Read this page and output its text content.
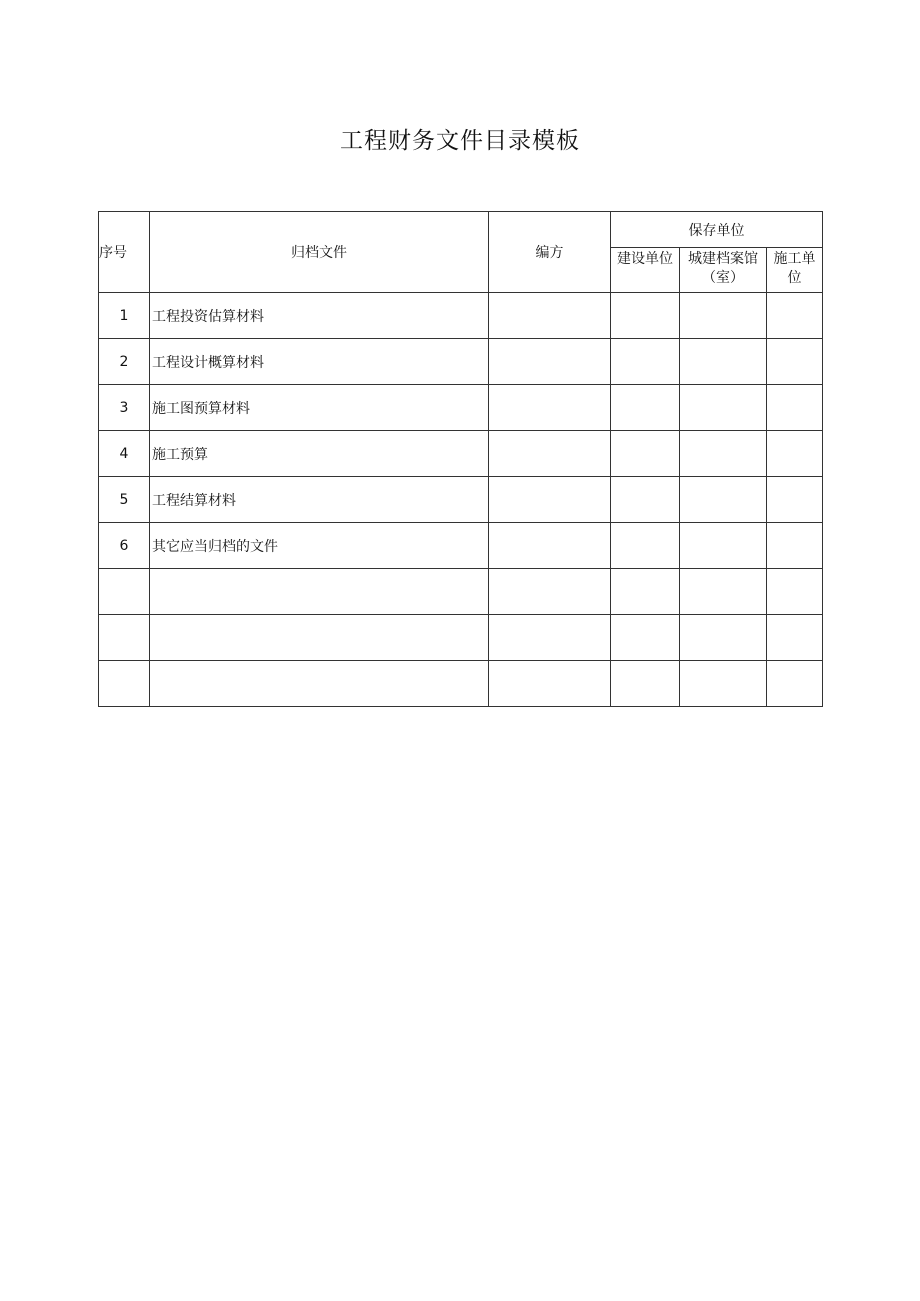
工程财务文件目录模板
序号	归档文件	编方	保存单位		
			建设单位	城建档案馆（室）	施工单位
1	工程投资估算材料				
2	工程设计概算材料				
3	施工图预算材料				
4	施工预算				
5	工程结算材料				
6	其它应当归档的文件				
